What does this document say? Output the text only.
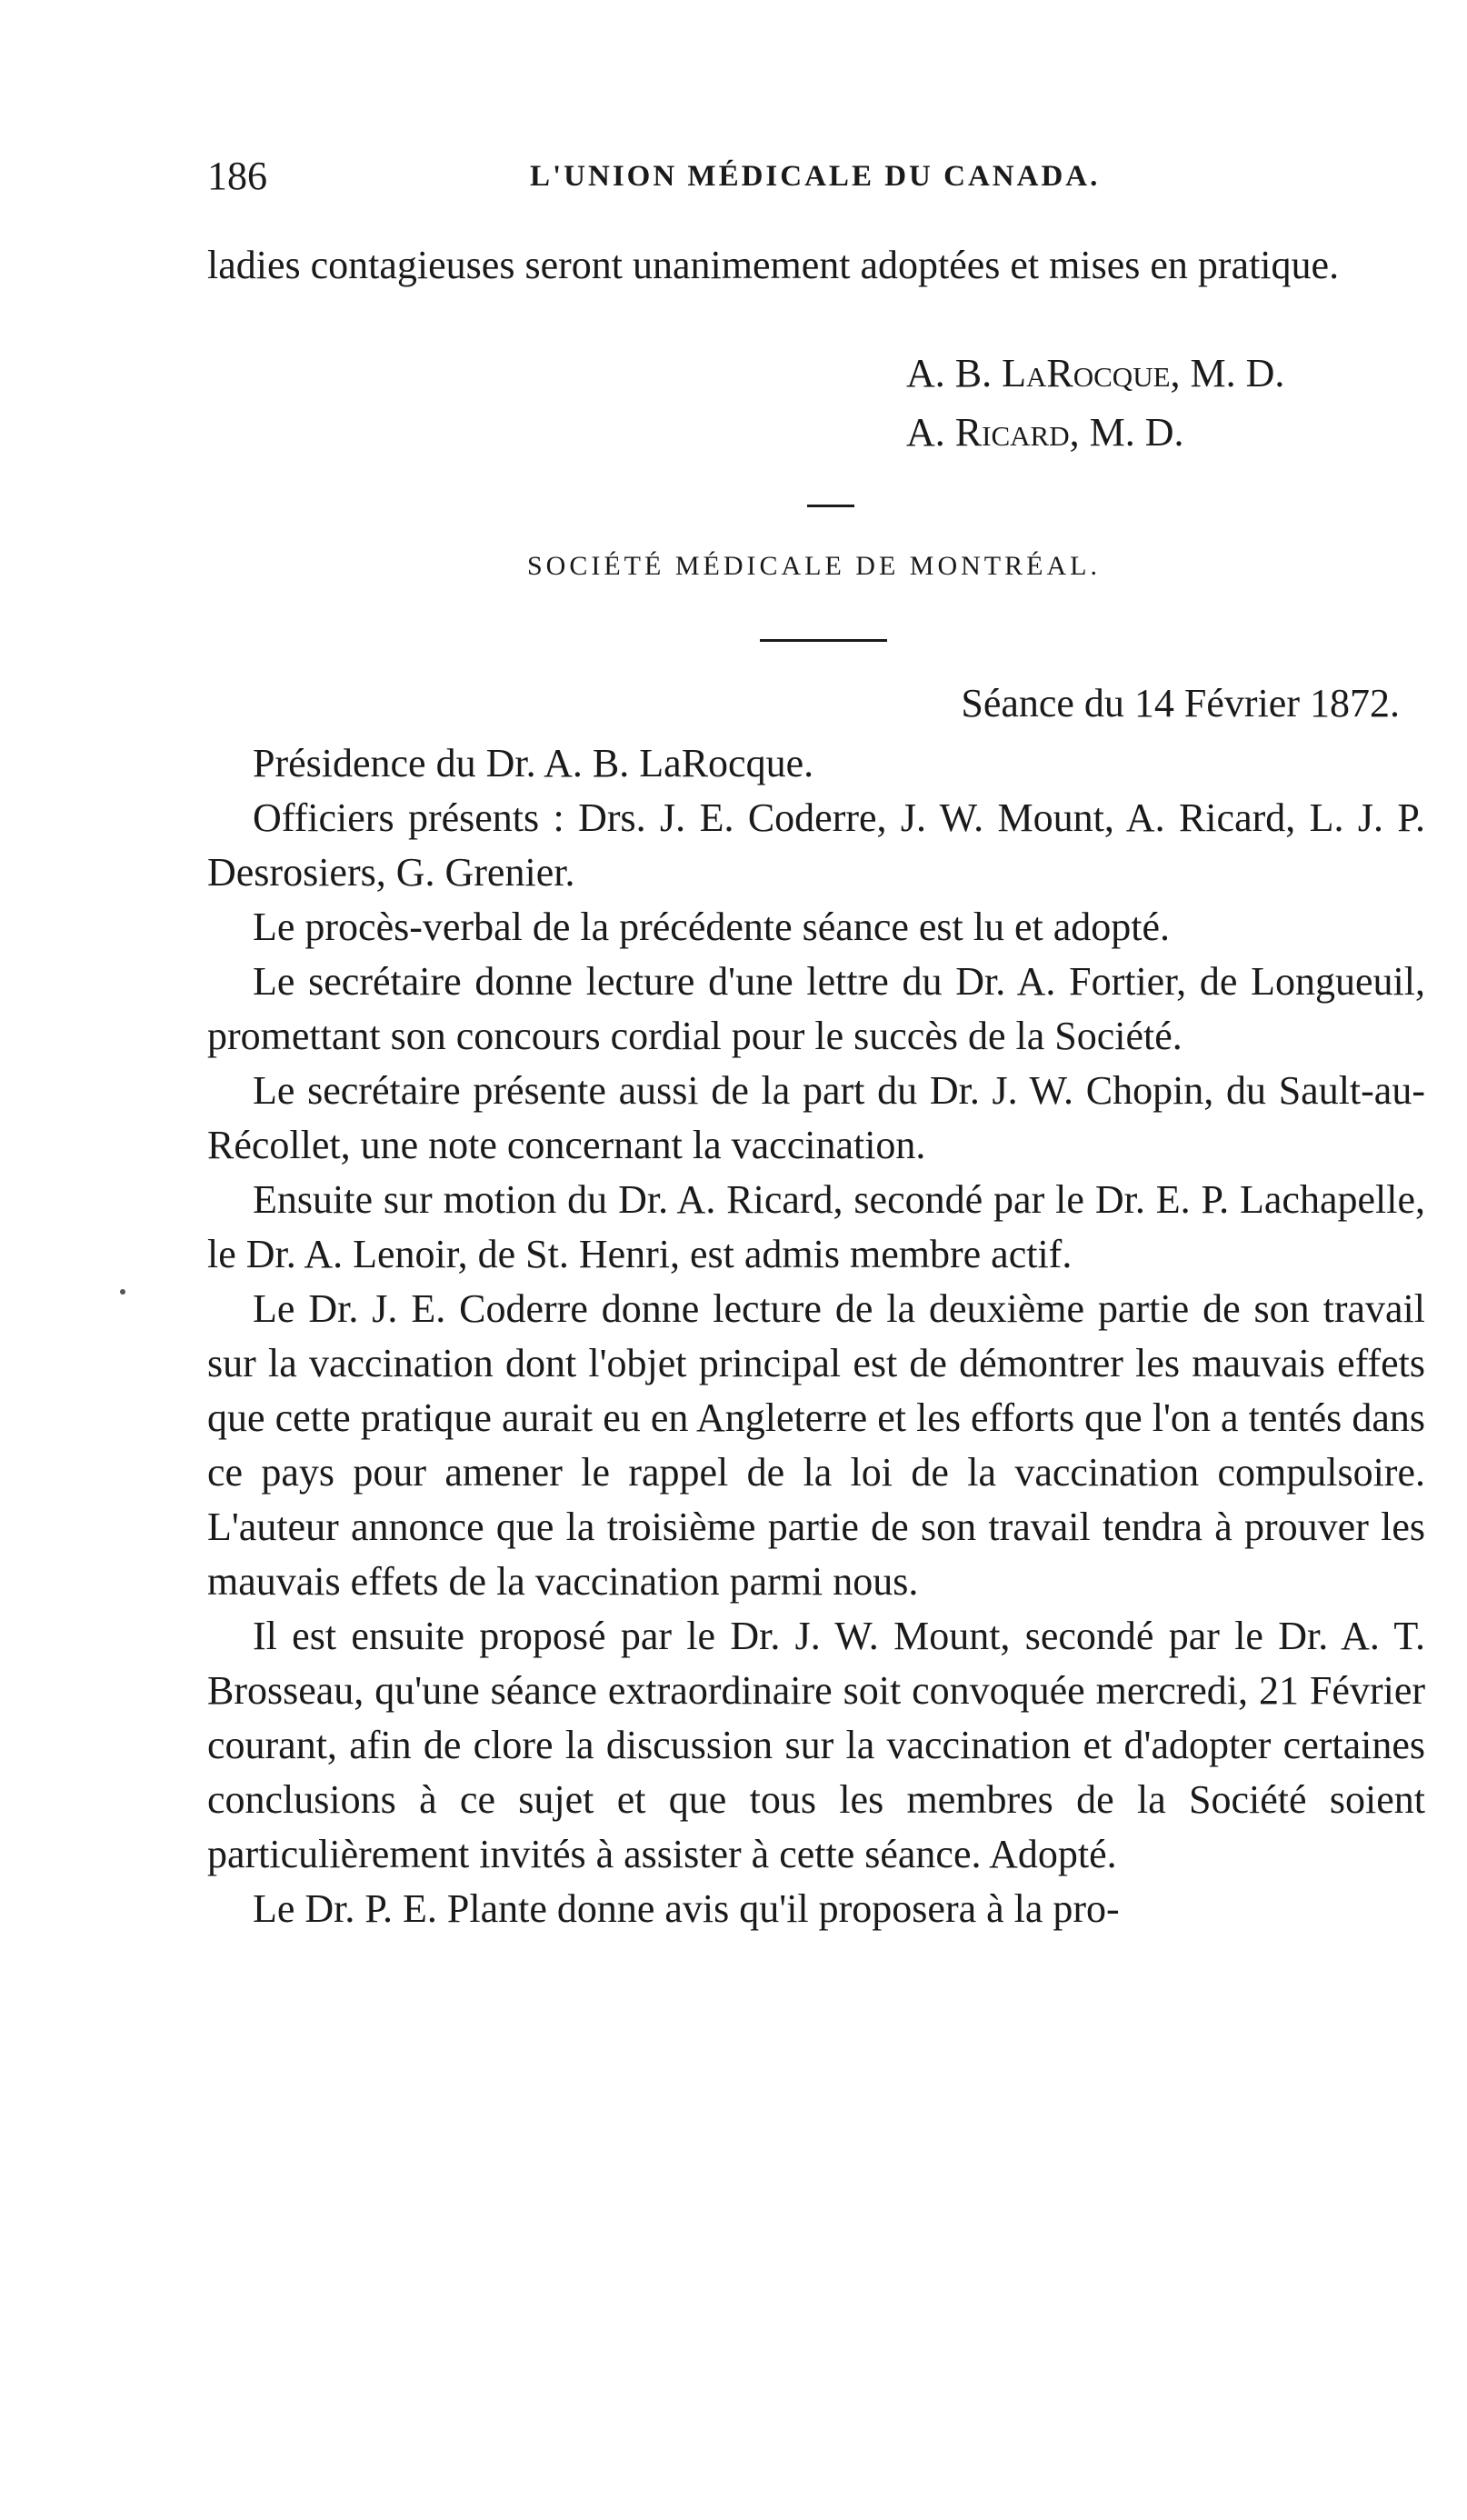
186	L'UNION MÉDICALE DU CANADA.

ladies contagieuses seront unanimement adoptées et mises en pratique.

A. B. LaRocque, M. D.
A. Ricard, M. D.
SOCIÉTÉ MÉDICALE DE MONTRÉAL.
Séance du 14 Février 1872.

Présidence du Dr. A. B. LaRocque.

Officiers présents : Drs. J. E. Coderre, J. W. Mount, A. Ricard, L. J. P. Desrosiers, G. Grenier.

Le procès-verbal de la précédente séance est lu et adopté.

Le secrétaire donne lecture d'une lettre du Dr. A. Fortier, de Longueuil, promettant son concours cordial pour le succès de la Société.

Le secrétaire présente aussi de la part du Dr. J. W. Chopin, du Sault-au-Récollet, une note concernant la vaccination.

Ensuite sur motion du Dr. A. Ricard, secondé par le Dr. E. P. Lachapelle, le Dr. A. Lenoir, de St. Henri, est admis membre actif.

Le Dr. J. E. Coderre donne lecture de la deuxième partie de son travail sur la vaccination dont l'objet principal est de démontrer les mauvais effets que cette pratique aurait eu en Angleterre et les efforts que l'on a tentés dans ce pays pour amener le rappel de la loi de la vaccination compulsoire. L'auteur annonce que la troisième partie de son travail tendra à prouver les mauvais effets de la vaccination parmi nous.

Il est ensuite proposé par le Dr. J. W. Mount, secondé par le Dr. A. T. Brosseau, qu'une séance extraordinaire soit convoquée mercredi, 21 Février courant, afin de clore la discussion sur la vaccination et d'adopter certaines conclusions à ce sujet et que tous les membres de la Société soient particulièrement invités à assister à cette séance. Adopté.

Le Dr. P. E. Plante donne avis qu'il proposera à la pro-
